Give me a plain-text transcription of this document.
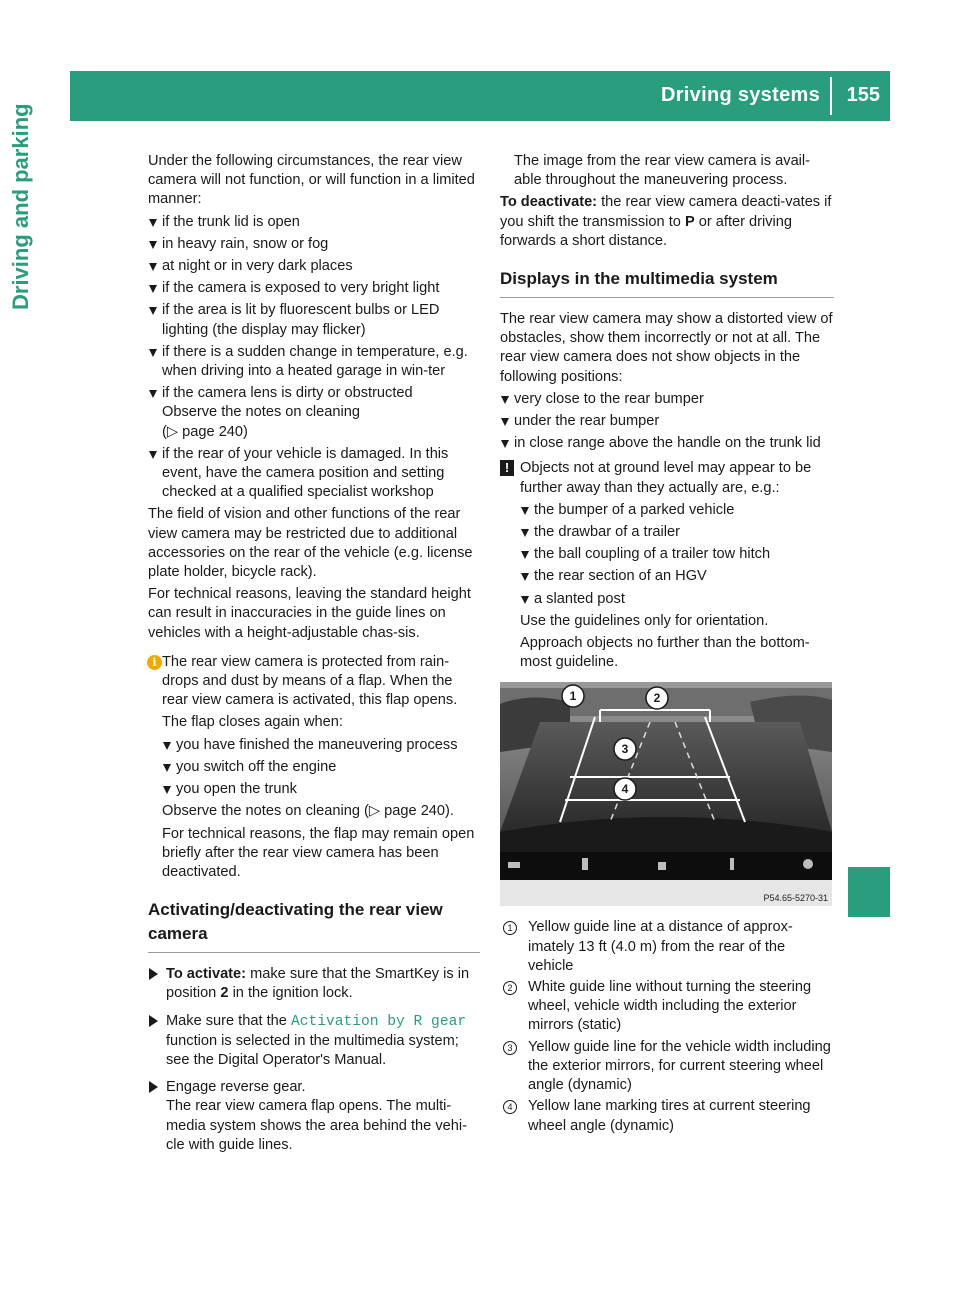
Driving systems	155
Driving and parking	Under the following circumstances, the rear view camera will not function, or will function in a limited manner:

if the trunk lid is open
in heavy rain, snow or fog
at night or in very dark places
if the camera is exposed to very bright light
if the area is lit by fluorescent bulbs or LED lighting (the display may flicker)
if there is a sudden change in temperature, e.g. when driving into a heated garage in win-ter
if the camera lens is dirty or obstructed
Observe the notes on cleaning
(▷ page 240)
if the rear of your vehicle is damaged. In this event, have the camera position and setting checked at a qualified specialist workshop

The field of vision and other functions of the rear view camera may be restricted due to additional accessories on the rear of the vehicle (e.g. license plate holder, bicycle rack).

For technical reasons, leaving the standard height can result in inaccuracies in the guide lines on vehicles with a height-adjustable chas-sis.

i The rear view camera is protected from rain-drops and dust by means of a flap. When the rear view camera is activated, this flap opens.

The flap closes again when:

you have finished the maneuvering process
you switch off the engine
you open the trunk

Observe the notes on cleaning (▷ page 240).

For technical reasons, the flap may remain open briefly after the rear view camera has been deactivated.

Activating/deactivating the rear view camera
To activate: make sure that the SmartKey is in position 2 in the ignition lock.
Make sure that the Activation by R gear function is selected in the multimedia system; see the Digital Operator's Manual.
Engage reverse gear.
The rear view camera flap opens. The multi-media system shows the area behind the vehi-cle with guide lines.

The image from the rear view camera is avail-able throughout the maneuvering process.

To deactivate: the rear view camera deacti-vates if you shift the transmission to P or after driving forwards a short distance.

Displays in the multimedia system

The rear view camera may show a distorted view of obstacles, show them incorrectly or not at all. The rear view camera does not show objects in the following positions:

very close to the rear bumper
under the rear bumper
in close range above the handle on the trunk lid
! Objects not at ground level may appear to be further away than they actually are, e.g.:

the bumper of a parked vehicle
the drawbar of a trailer
the ball coupling of a trailer tow hitch
the rear section of an HGV
a slanted post

Use the guidelines only for orientation.

Approach objects no further than the bottom-most guideline.

1	2
3
4
P54.65-5270-31
1	Yellow guide line at a distance of approx-imately 13 ft (4.0 m) from the rear of the vehicle
2	White guide line without turning the steering wheel, vehicle width including the exterior mirrors (static)
3	Yellow guide line for the vehicle width including the exterior mirrors, for current steering wheel angle (dynamic)
4	Yellow lane marking tires at current steering wheel angle (dynamic)
